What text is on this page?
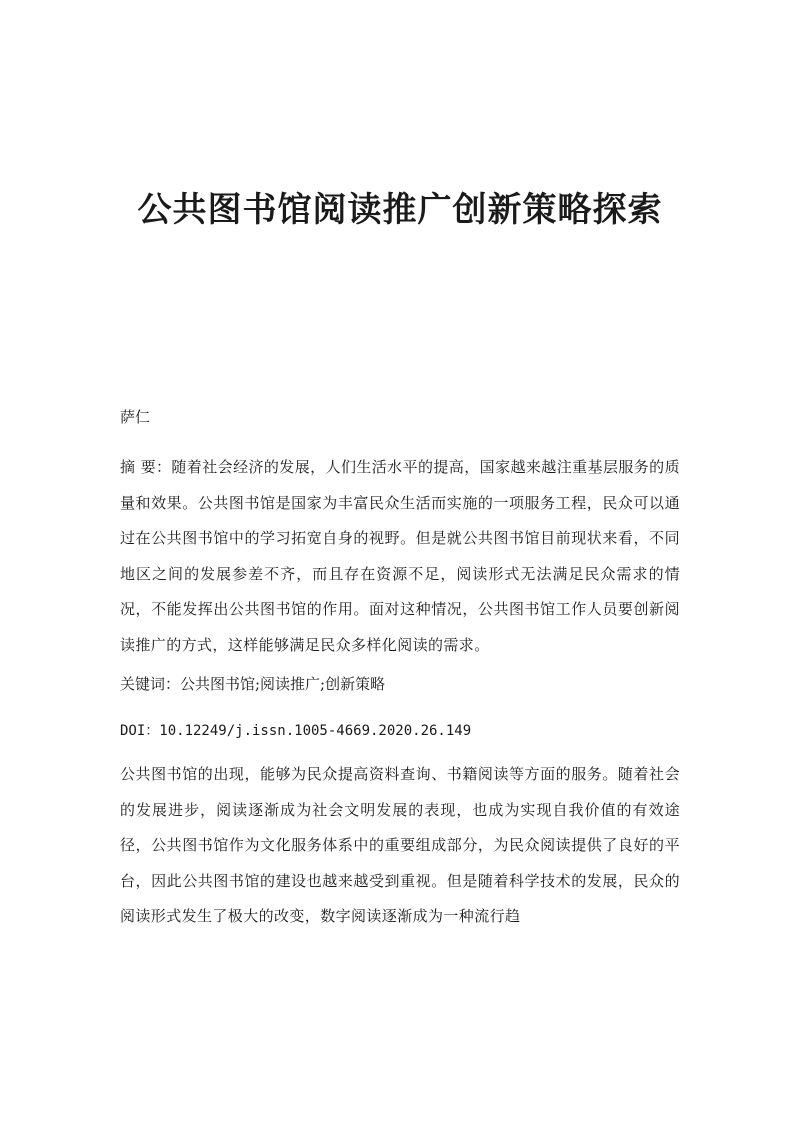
公共图书馆阅读推广创新策略探索

萨仁

摘 要：随着社会经济的发展，人们生活水平的提高，国家越来越注重基层服务的质量和效果。公共图书馆是国家为丰富民众生活而实施的一项服务工程，民众可以通过在公共图书馆中的学习拓宽自身的视野。但是就公共图书馆目前现状来看，不同地区之间的发展参差不齐，而且存在资源不足，阅读形式无法满足民众需求的情况，不能发挥出公共图书馆的作用。面对这种情况，公共图书馆工作人员要创新阅读推广的方式，这样能够满足民众多样化阅读的需求。

关键词：公共图书馆;阅读推广;创新策略

DOI：10.12249/j.issn.1005-4669.2020.26.149

公共图书馆的出现，能够为民众提高资料查询、书籍阅读等方面的服务。随着社会的发展进步，阅读逐渐成为社会文明发展的表现，也成为实现自我价值的有效途径，公共图书馆作为文化服务体系中的重要组成部分，为民众阅读提供了良好的平台，因此公共图书馆的建设也越来越受到重视。但是随着科学技术的发展，民众的阅读形式发生了极大的改变，数字阅读逐渐成为一种流行趋
